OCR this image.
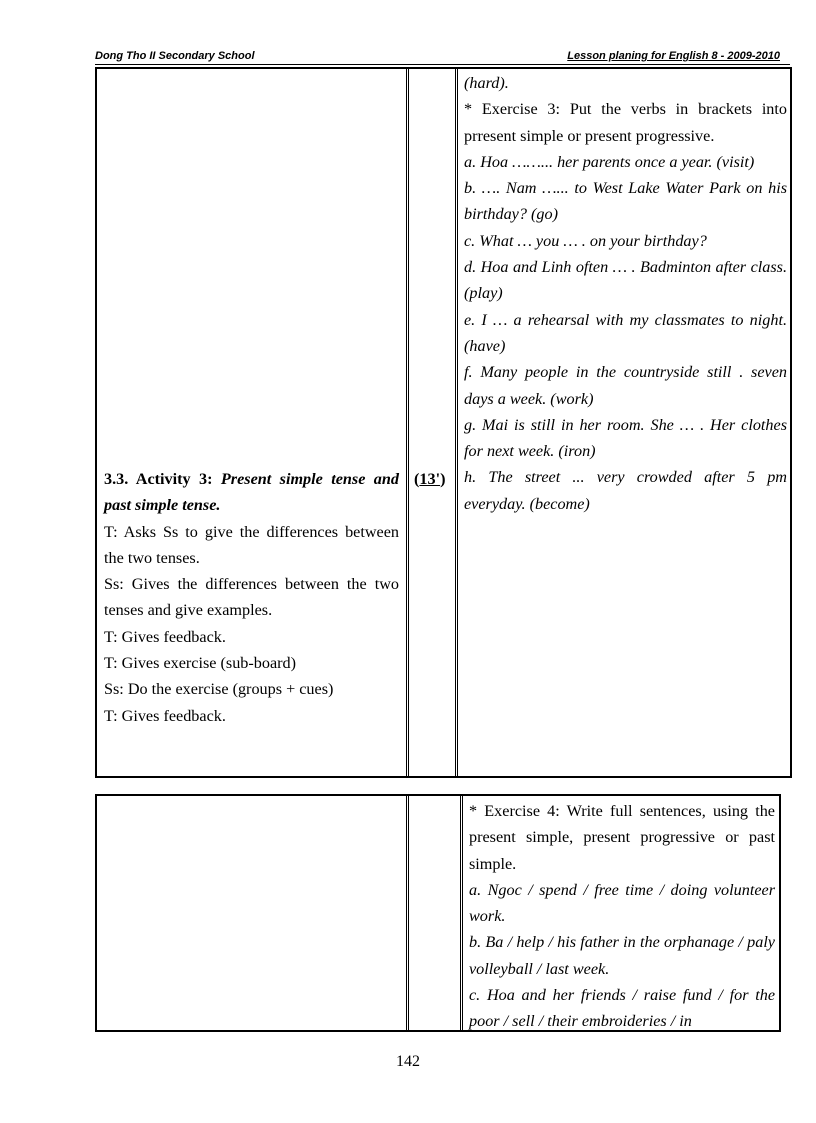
Dong Tho II Secondary School	Lesson planing for English 8 - 2009-2010

3.3. Activity 3: Present simple tense and past simple tense.

T: Asks Ss to give the differences between the two tenses.

Ss: Gives the differences between the two tenses and give examples.

T: Gives feedback.

T: Gives exercise (sub-board)

Ss: Do the exercise (groups + cues)

T: Gives feedback.

(13')

(hard).

* Exercise 3: Put the verbs in brackets into prresent simple or present progressive.

a. Hoa ……... her parents once a year. (visit)

b. …. Nam …... to West Lake Water Park on his birthday? (go)

c. What … you … . on your birthday?

d. Hoa and Linh often … . Badminton after class. (play)

e. I … a rehearsal with my classmates to night. (have)

f. Many people in the countryside still . seven days a week. (work)

g. Mai is still in her room. She … . Her clothes for next week. (iron)

h. The street ... very crowded after 5 pm everyday. (become)

* Exercise 4: Write full sentences, using the present simple, present progressive or past simple.

a. Ngoc / spend / free time / doing volunteer work.

b. Ba / help / his father in the orphanage / paly volleyball / last week.

c. Hoa and her friends / raise fund / for the poor / sell / their embroideries / in

142
